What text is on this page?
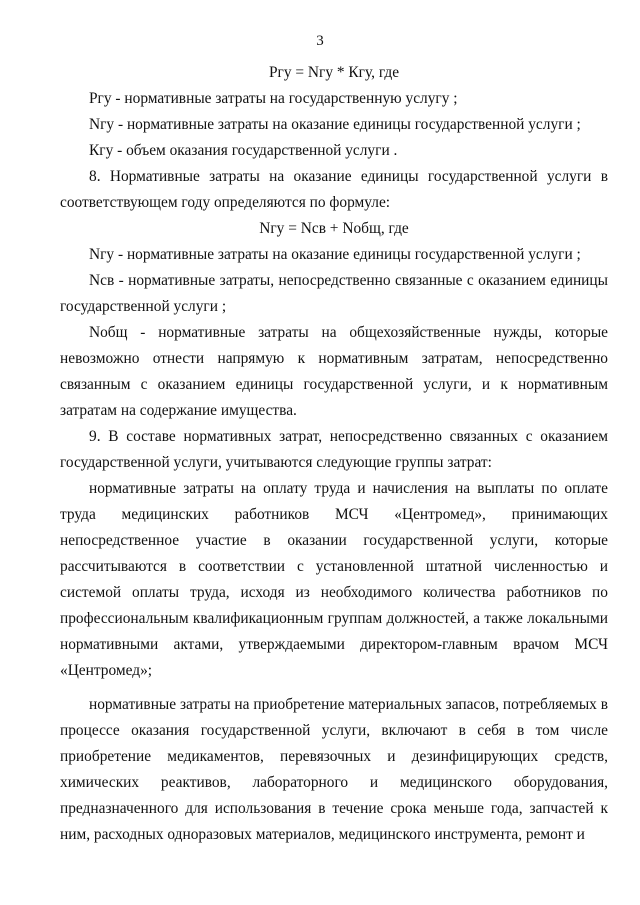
3

Ргу = Nгу * Кгу, где

Ргу - нормативные затраты на государственную услугу ;

Nгу - нормативные затраты на оказание единицы государственной услуги ;

Кгу - объем оказания государственной услуги .

8. Нормативные затраты на оказание единицы государственной услуги в соответствующем году определяются по формуле:

Nгу = Nсв + Nобщ, где

Nгу - нормативные затраты на оказание единицы государственной услуги ;

Nсв - нормативные затраты, непосредственно связанные с оказанием единицы государственной услуги ;

Nобщ - нормативные затраты на общехозяйственные нужды, которые невозможно отнести напрямую к нормативным затратам, непосредственно связанным с оказанием единицы государственной услуги, и к нормативным затратам на содержание имущества.

9. В составе нормативных затрат, непосредственно связанных с оказанием государственной услуги, учитываются следующие группы затрат:

нормативные затраты на оплату труда и начисления на выплаты по оплате труда медицинских работников МСЧ «Центромед», принимающих непосредственное участие в оказании государственной услуги, которые рассчитываются в соответствии с установленной штатной численностью и системой оплаты труда, исходя из необходимого количества работников по профессиональным квалификационным группам должностей, а также локальными нормативными актами, утверждаемыми директором-главным врачом МСЧ «Центромед»;

нормативные затраты на приобретение материальных запасов, потребляемых в процессе оказания государственной услуги, включают в себя в том числе приобретение медикаментов, перевязочных и дезинфицирующих средств, химических реактивов, лабораторного и медицинского оборудования, предназначенного для использования в течение срока меньше года, запчастей к ним, расходных одноразовых материалов, медицинского инструмента, ремонт и
